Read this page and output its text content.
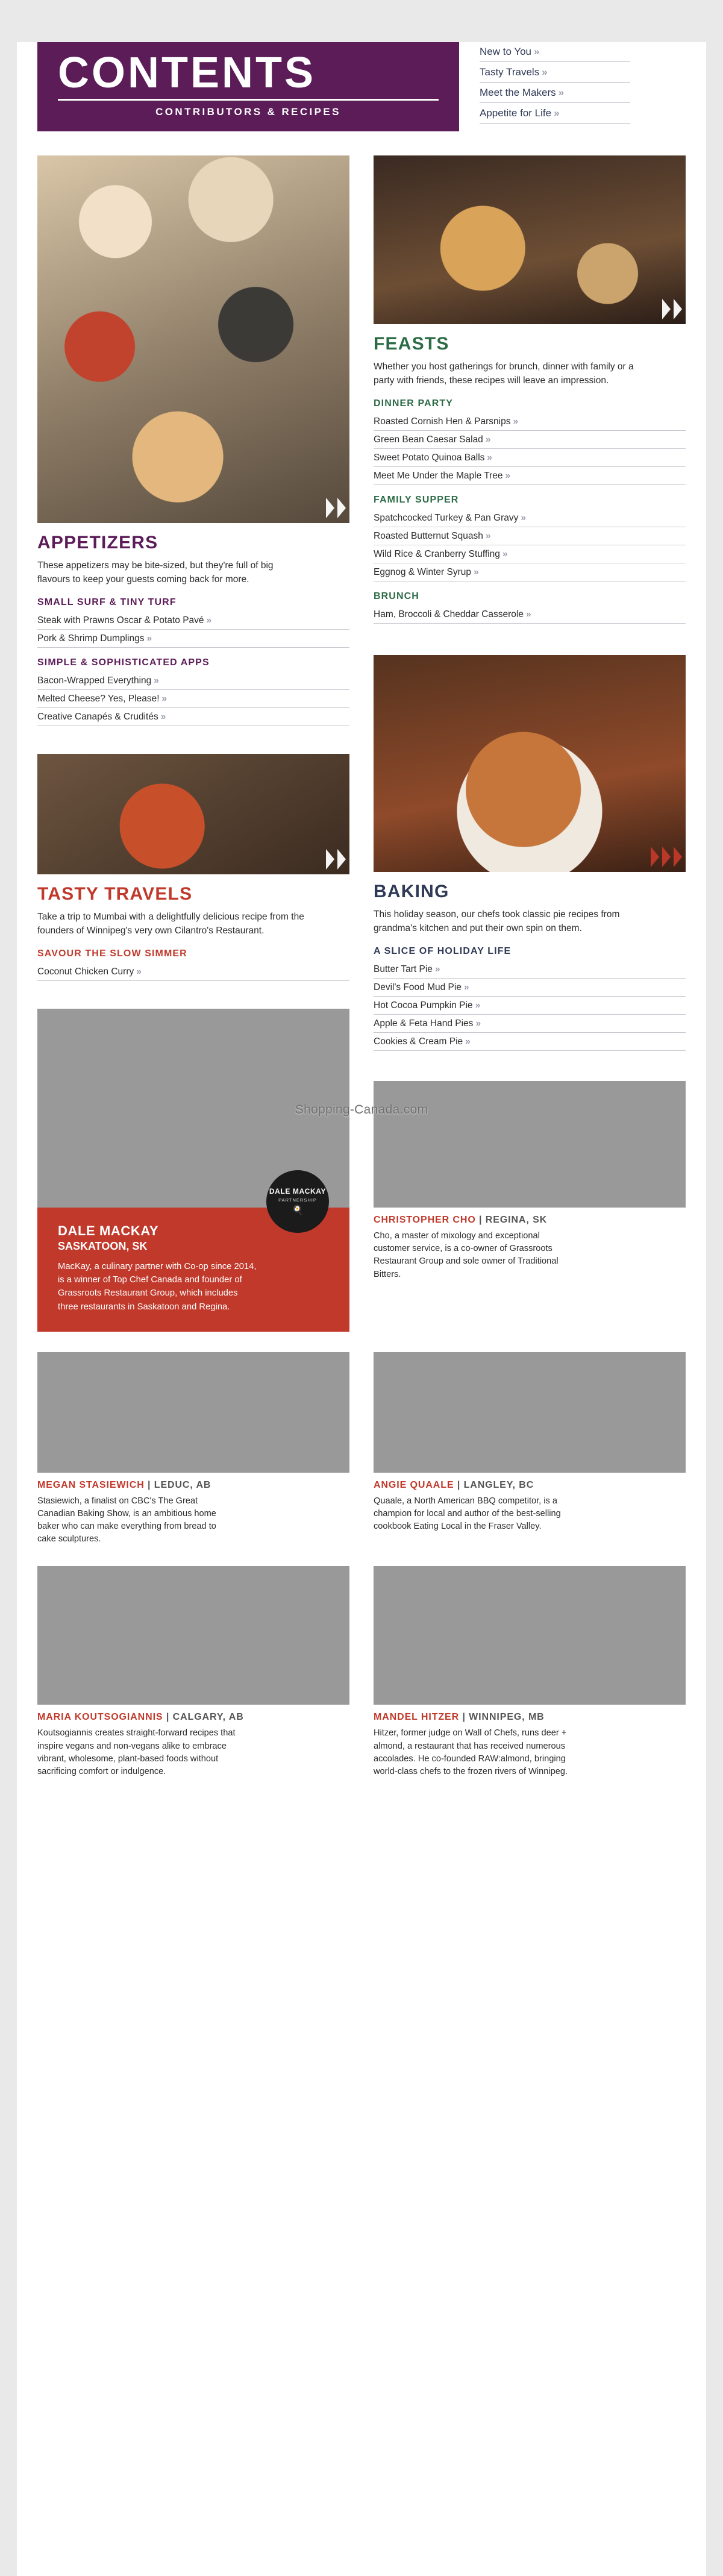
CONTENTS
CONTRIBUTORS & RECIPES
New to You »
Tasty Travels »
Meet the Makers »
Appetite for Life »
APPETIZERS

These appetizers may be bite-sized, but they're full of big flavours to keep your guests coming back for more.

SMALL SURF & TINY TURF
Steak with Prawns Oscar & Potato Pavé »
Pork & Shrimp Dumplings »
SIMPLE & SOPHISTICATED APPS
Bacon-Wrapped Everything »
Melted Cheese? Yes, Please! »
Creative Canapés & Crudités »
TASTY TRAVELS

Take a trip to Mumbai with a delightfully delicious recipe from the founders of Winnipeg's very own Cilantro's Restaurant.

SAVOUR THE SLOW SIMMER
Coconut Chicken Curry »
DALE MACKAY
PARTNERSHIP
🍳
DALE MACKAY
SASKATOON, SK

MacKay, a culinary partner with Co-op since 2014, is a winner of Top Chef Canada and founder of Grassroots Restaurant Group, which includes three restaurants in Saskatoon and Regina.

FEASTS

Whether you host gatherings for brunch, dinner with family or a party with friends, these recipes will leave an impression.

DINNER PARTY
Roasted Cornish Hen & Parsnips »
Green Bean Caesar Salad »
Sweet Potato Quinoa Balls »
Meet Me Under the Maple Tree »
FAMILY SUPPER
Spatchcocked Turkey & Pan Gravy »
Roasted Butternut Squash »
Wild Rice & Cranberry Stuffing »
Eggnog & Winter Syrup »
BRUNCH
Ham, Broccoli & Cheddar Casserole »
BAKING

This holiday season, our chefs took classic pie recipes from grandma's kitchen and put their own spin on them.

A SLICE OF HOLIDAY LIFE
Butter Tart Pie »
Devil's Food Mud Pie »
Hot Cocoa Pumpkin Pie »
Apple & Feta Hand Pies »
Cookies & Cream Pie »
CHRISTOPHER CHO | REGINA, SK

Cho, a master of mixology and exceptional customer service, is a co-owner of Grassroots Restaurant Group and sole owner of Traditional Bitters.

MEGAN STASIEWICH | LEDUC, AB

Stasiewich, a finalist on CBC's The Great Canadian Baking Show, is an ambitious home baker who can make everything from bread to cake sculptures.

ANGIE QUAALE | LANGLEY, BC

Quaale, a North American BBQ competitor, is a champion for local and author of the best-selling cookbook Eating Local in the Fraser Valley.

MARIA KOUTSOGIANNIS | CALGARY, AB

Koutsogiannis creates straight-forward recipes that inspire vegans and non-vegans alike to embrace vibrant, wholesome, plant-based foods without sacrificing comfort or indulgence.

MANDEL HITZER | WINNIPEG, MB

Hitzer, former judge on Wall of Chefs, runs deer + almond, a restaurant that has received numerous accolades. He co-founded RAW:almond, bringing world-class chefs to the frozen rivers of Winnipeg.

Shopping-Canada.com
